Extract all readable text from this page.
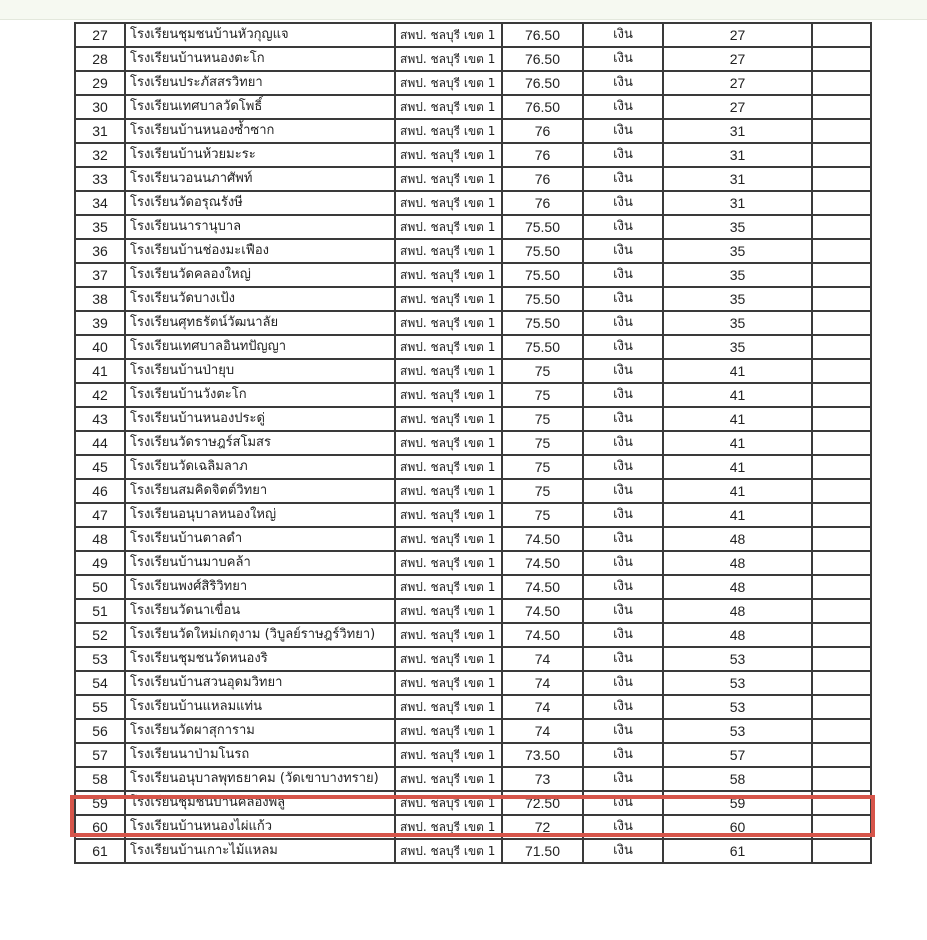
27	โรงเรียนชุมชนบ้านหัวกุญแจ	สพป. ชลบุรี เขต 1	76.50	เงิน	27	
28	โรงเรียนบ้านหนองตะโก	สพป. ชลบุรี เขต 1	76.50	เงิน	27	
29	โรงเรียนประภัสสรวิทยา	สพป. ชลบุรี เขต 1	76.50	เงิน	27	
30	โรงเรียนเทศบาลวัดโพธิ์	สพป. ชลบุรี เขต 1	76.50	เงิน	27	
31	โรงเรียนบ้านหนองซ้ำซาก	สพป. ชลบุรี เขต 1	76	เงิน	31	
32	โรงเรียนบ้านห้วยมะระ	สพป. ชลบุรี เขต 1	76	เงิน	31	
33	โรงเรียนวอนนภาศัพท์	สพป. ชลบุรี เขต 1	76	เงิน	31	
34	โรงเรียนวัดอรุณรังษี	สพป. ชลบุรี เขต 1	76	เงิน	31	
35	โรงเรียนนารานุบาล	สพป. ชลบุรี เขต 1	75.50	เงิน	35	
36	โรงเรียนบ้านช่องมะเฟือง	สพป. ชลบุรี เขต 1	75.50	เงิน	35	
37	โรงเรียนวัดคลองใหญ่	สพป. ชลบุรี เขต 1	75.50	เงิน	35	
38	โรงเรียนวัดบางเป้ง	สพป. ชลบุรี เขต 1	75.50	เงิน	35	
39	โรงเรียนศุทธรัตน์วัฒนาลัย	สพป. ชลบุรี เขต 1	75.50	เงิน	35	
40	โรงเรียนเทศบาลอินทปัญญา	สพป. ชลบุรี เขต 1	75.50	เงิน	35	
41	โรงเรียนบ้านป่ายุบ	สพป. ชลบุรี เขต 1	75	เงิน	41	
42	โรงเรียนบ้านวังตะโก	สพป. ชลบุรี เขต 1	75	เงิน	41	
43	โรงเรียนบ้านหนองประดู่	สพป. ชลบุรี เขต 1	75	เงิน	41	
44	โรงเรียนวัดราษฎร์สโมสร	สพป. ชลบุรี เขต 1	75	เงิน	41	
45	โรงเรียนวัดเฉลิมลาภ	สพป. ชลบุรี เขต 1	75	เงิน	41	
46	โรงเรียนสมคิดจิตต์วิทยา	สพป. ชลบุรี เขต 1	75	เงิน	41	
47	โรงเรียนอนุบาลหนองใหญ่	สพป. ชลบุรี เขต 1	75	เงิน	41	
48	โรงเรียนบ้านตาลดำ	สพป. ชลบุรี เขต 1	74.50	เงิน	48	
49	โรงเรียนบ้านมาบคล้า	สพป. ชลบุรี เขต 1	74.50	เงิน	48	
50	โรงเรียนพงศ์สิริวิทยา	สพป. ชลบุรี เขต 1	74.50	เงิน	48	
51	โรงเรียนวัดนาเขื่อน	สพป. ชลบุรี เขต 1	74.50	เงิน	48	
52	โรงเรียนวัดใหม่เกตุงาม (วิบูลย์ราษฎร์วิทยา)	สพป. ชลบุรี เขต 1	74.50	เงิน	48	
53	โรงเรียนชุมชนวัดหนองริ	สพป. ชลบุรี เขต 1	74	เงิน	53	
54	โรงเรียนบ้านสวนอุดมวิทยา	สพป. ชลบุรี เขต 1	74	เงิน	53	
55	โรงเรียนบ้านแหลมแท่น	สพป. ชลบุรี เขต 1	74	เงิน	53	
56	โรงเรียนวัดผาสุการาม	สพป. ชลบุรี เขต 1	74	เงิน	53	
57	โรงเรียนนาป่ามโนรถ	สพป. ชลบุรี เขต 1	73.50	เงิน	57	
58	โรงเรียนอนุบาลพุทธยาคม (วัดเขาบางทราย)	สพป. ชลบุรี เขต 1	73	เงิน	58	
59	โรงเรียนชุมชนบ้านคลองพลู	สพป. ชลบุรี เขต 1	72.50	เงิน	59	
60	โรงเรียนบ้านหนองไผ่แก้ว	สพป. ชลบุรี เขต 1	72	เงิน	60	
61	โรงเรียนบ้านเกาะไม้แหลม	สพป. ชลบุรี เขต 1	71.50	เงิน	61	
